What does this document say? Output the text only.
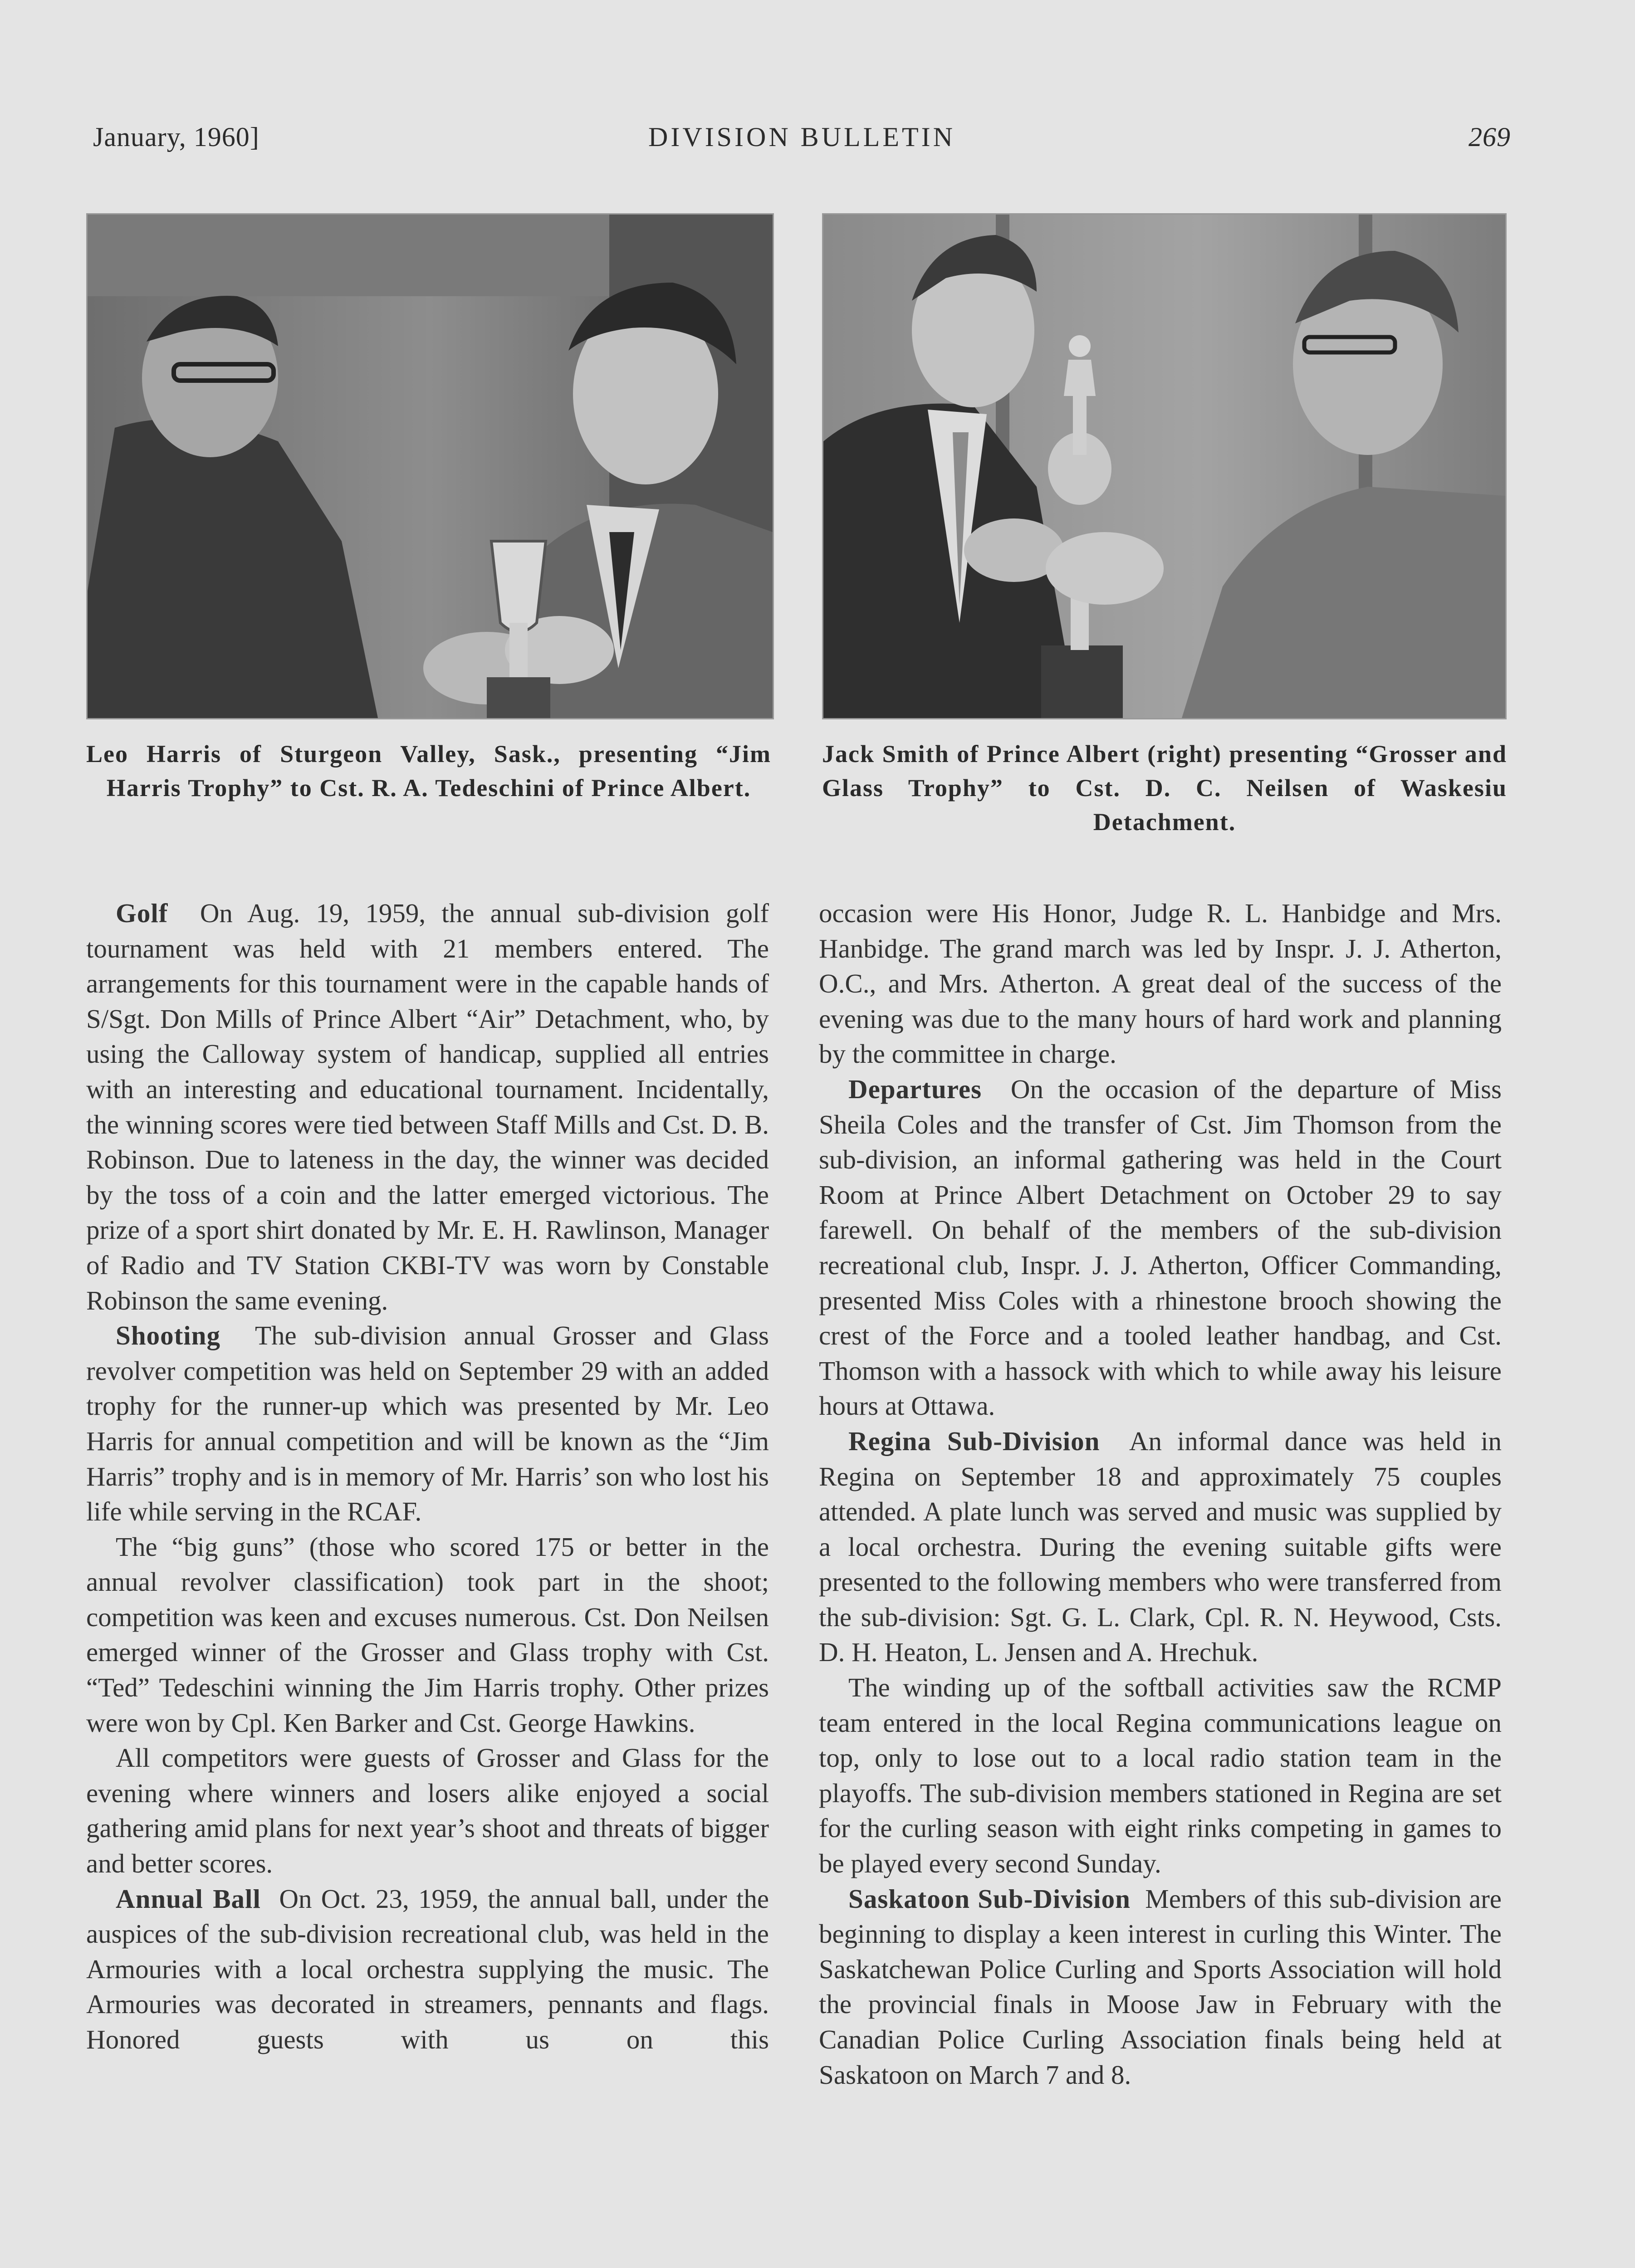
January, 1960]	DIVISION BULLETIN	269
Leo Harris of Sturgeon Valley, Sask., presenting “Jim Harris Trophy” to Cst. R. A. Tedeschini of Prince Albert.
Jack Smith of Prince Albert (right) presenting “Grosser and Glass Trophy” to Cst. D. C. Neilsen of Waskesiu Detachment.

Golf On Aug. 19, 1959, the annual sub-division golf tournament was held with 21 members entered. The arrangements for this tournament were in the capable hands of S/Sgt. Don Mills of Prince Albert “Air” Detachment, who, by using the Calloway system of handicap, supplied all entries with an interesting and educational tournament. Incidentally, the winning scores were tied between Staff Mills and Cst. D. B. Robinson. Due to lateness in the day, the winner was decided by the toss of a coin and the latter emerged victorious. The prize of a sport shirt donated by Mr. E. H. Rawlinson, Manager of Radio and TV Station CKBI-TV was worn by Constable Robinson the same evening.

Shooting The sub-division annual Grosser and Glass revolver competition was held on September 29 with an added trophy for the runner-up which was presented by Mr. Leo Harris for annual competition and will be known as the “Jim Harris” trophy and is in memory of Mr. Harris’ son who lost his life while serving in the RCAF.

The “big guns” (those who scored 175 or better in the annual revolver classification) took part in the shoot; competition was keen and excuses numerous. Cst. Don Neilsen emerged winner of the Grosser and Glass trophy with Cst. “Ted” Tedeschini winning the Jim Harris trophy. Other prizes were won by Cpl. Ken Barker and Cst. George Hawkins.

All competitors were guests of Grosser and Glass for the evening where winners and losers alike enjoyed a social gathering amid plans for next year’s shoot and threats of bigger and better scores.

Annual Ball On Oct. 23, 1959, the annual ball, under the auspices of the sub-division recreational club, was held in the Armouries with a local orchestra supplying the music. The Armouries was decorated in streamers, pennants and flags. Honored guests with us on this

occasion were His Honor, Judge R. L. Hanbidge and Mrs. Hanbidge. The grand march was led by Inspr. J. J. Atherton, O.C., and Mrs. Atherton. A great deal of the success of the evening was due to the many hours of hard work and planning by the committee in charge.

Departures On the occasion of the departure of Miss Sheila Coles and the transfer of Cst. Jim Thomson from the sub-division, an informal gathering was held in the Court Room at Prince Albert Detachment on October 29 to say farewell. On behalf of the members of the sub-division recreational club, Inspr. J. J. Atherton, Officer Commanding, presented Miss Coles with a rhinestone brooch showing the crest of the Force and a tooled leather handbag, and Cst. Thomson with a hassock with which to while away his leisure hours at Ottawa.

Regina Sub-Division An informal dance was held in Regina on September 18 and approximately 75 couples attended. A plate lunch was served and music was supplied by a local orchestra. During the evening suitable gifts were presented to the following members who were transferred from the sub-division: Sgt. G. L. Clark, Cpl. R. N. Heywood, Csts. D. H. Heaton, L. Jensen and A. Hrechuk.

The winding up of the softball activities saw the RCMP team entered in the local Regina communications league on top, only to lose out to a local radio station team in the playoffs. The sub-division members stationed in Regina are set for the curling season with eight rinks competing in games to be played every second Sunday.

Saskatoon Sub-Division Members of this sub-division are beginning to display a keen interest in curling this Winter. The Saskatchewan Police Curling and Sports Association will hold the provincial finals in Moose Jaw in February with the Canadian Police Curling Association finals being held at Saskatoon on March 7 and 8.
